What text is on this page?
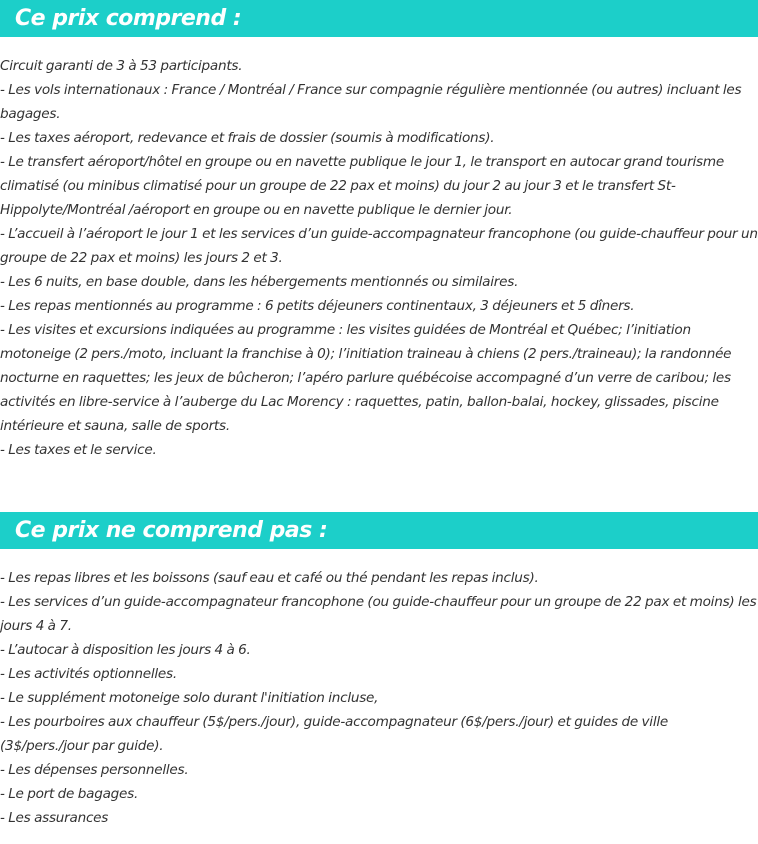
Ce prix comprend :
Circuit garanti de 3 à 53 participants.
- Les vols internationaux : France / Montréal / France sur compagnie régulière mentionnée (ou autres) incluant les bagages.
- Les taxes aéroport, redevance et frais de dossier (soumis à modifications).
- Le transfert aéroport/hôtel en groupe ou en navette publique le jour 1, le transport en autocar grand tourisme climatisé (ou minibus climatisé pour un groupe de 22 pax et moins) du jour 2 au jour 3 et le transfert St-Hippolyte/Montréal /aéroport en groupe ou en navette publique le dernier jour.
- L’accueil à l’aéroport le jour 1 et les services d’un guide-accompagnateur francophone (ou guide-chauffeur pour un groupe de 22 pax et moins) les jours 2 et 3.
- Les 6 nuits, en base double, dans les hébergements mentionnés ou similaires.
- Les repas mentionnés au programme : 6 petits déjeuners continentaux, 3 déjeuners et 5 dîners.
- Les visites et excursions indiquées au programme : les visites guidées de Montréal et Québec; l’initiation motoneige (2 pers./moto, incluant la franchise à 0); l’initiation traineau à chiens (2 pers./traineau); la randonnée nocturne en raquettes; les jeux de bûcheron; l’apéro parlure québécoise accompagné d’un verre de caribou; les activités en libre-service à l’auberge du Lac Morency : raquettes, patin, ballon-balai, hockey, glissades, piscine intérieure et sauna, salle de sports.
- Les taxes et le service.
Ce prix ne comprend pas :
- Les repas libres et les boissons (sauf eau et café ou thé pendant les repas inclus).
- Les services d’un guide-accompagnateur francophone (ou guide-chauffeur pour un groupe de 22 pax et moins) les jours 4 à 7.
- L’autocar à disposition les jours 4 à 6.
- Les activités optionnelles.
- Le supplément motoneige solo durant l'initiation incluse,
- Les pourboires aux chauffeur (5$/pers./jour), guide-accompagnateur (6$/pers./jour) et guides de ville (3$/pers./jour par guide).
- Les dépenses personnelles.
- Le port de bagages.
- Les assurances
